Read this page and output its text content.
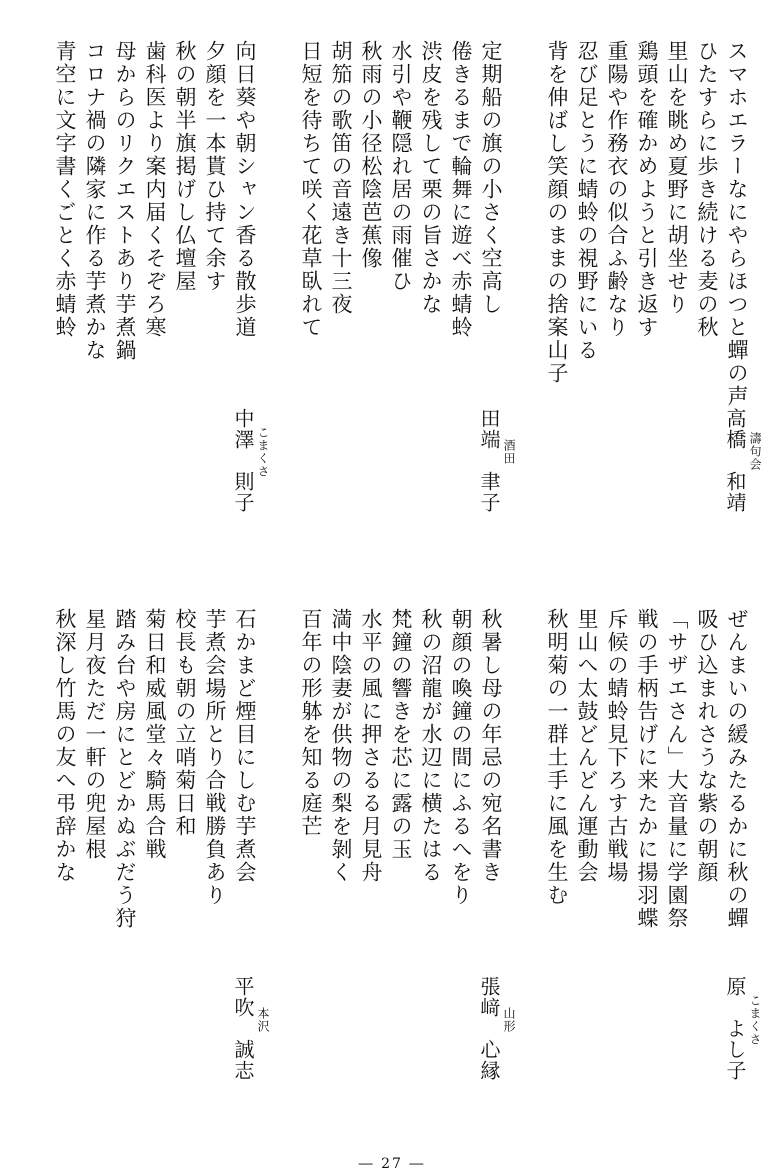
濤句会
高橋　和靖
スマホエラーなにやらほつと蟬の声
ひたすらに歩き続ける麦の秋
里山を眺め夏野に胡坐せり
鶏頭を確かめようと引き返す
重陽や作務衣の似合ふ齢なり
忍び足とうに蜻蛉の視野にいる
背を伸ばし笑顔のままの捨案山子
酒田
田端　聿子
定期船の旗の小さく空高し
倦きるまで輪舞に遊べ赤蜻蛉
渋皮を残して栗の旨さかな
水引や鞭隠れ居の雨催ひ
秋雨の小径松陰芭蕉像
胡笳の歌笛の音遠き十三夜
日短を待ちて咲く花草臥れて
こまくさ
中澤　則子
向日葵や朝シャン香る散歩道
夕顔を一本貰ひ持て余す
秋の朝半旗掲げし仏壇屋
歯科医より案内届くそぞろ寒
母からのリクエストあり芋煮鍋
コロナ禍の隣家に作る芋煮かな
青空に文字書くごとく赤蜻蛉
こまくさ
原　よし子
ぜんまいの緩みたるかに秋の蟬
吸ひ込まれさうな紫の朝顔
「サザエさん」大音量に学園祭
戦の手柄告げに来たかに揚羽蝶
斥候の蜻蛉見下ろす古戦場
里山へ太鼓どんどん運動会
秋明菊の一群土手に風を生む
山形
張﨑　心縁
秋暑し母の年忌の宛名書き
朝顔の喚鐘の間にふるへをり
秋の沼龍が水辺に横たはる
梵鐘の響きを芯に露の玉
水平の風に押さるる月見舟
満中陰妻が供物の梨を剝く
百年の形躰を知る庭芒
本沢
平吹　誠志
石かまど煙目にしむ芋煮会
芋煮会場所とり合戦勝負あり
校長も朝の立哨菊日和
菊日和威風堂々騎馬合戦
踏み台や房にとどかぬぶだう狩
星月夜ただ一軒の兜屋根
秋深し竹馬の友へ弔辞かな
― 27 ―
